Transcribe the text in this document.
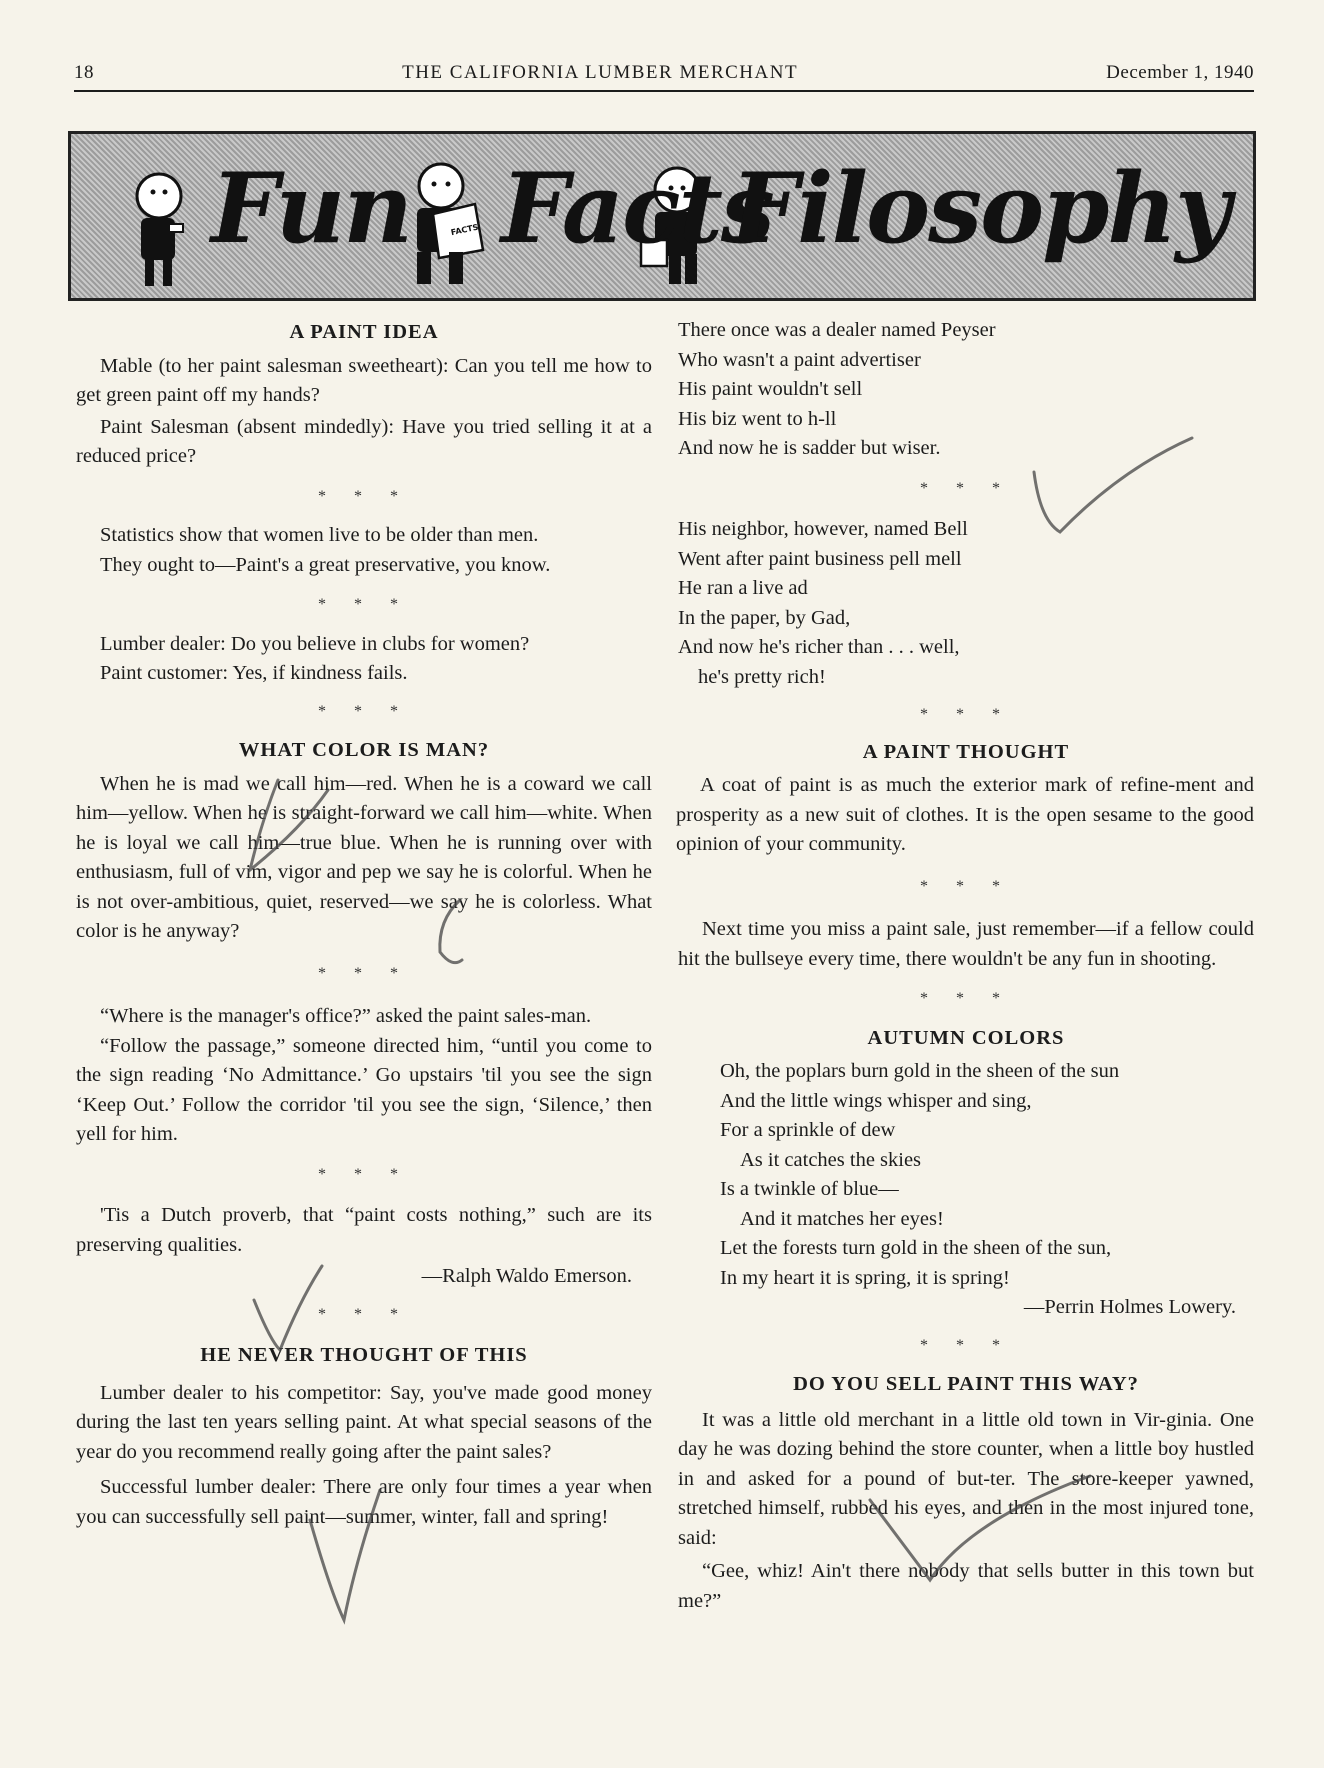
18	THE CALIFORNIA LUMBER MERCHANT	December 1, 1940
FACTS
Fun Facts
Filosophy
A PAINT IDEA

Mable (to her paint salesman sweetheart): Can you tell me how to get green paint off my hands?

Paint Salesman (absent mindedly): Have you tried selling it at a reduced price?

* * *

Statistics show that women live to be older than men.

They ought to—Paint's a great preservative, you know.

* * *

Lumber dealer: Do you believe in clubs for women?

Paint customer: Yes, if kindness fails.

* * *
WHAT COLOR IS MAN?

When he is mad we call him—red. When he is a coward we call him—yellow. When he is straight-forward we call him—white. When he is loyal we call him—true blue. When he is running over with enthusiasm, full of vim, vigor and pep we say he is colorful. When he is not over-ambitious, quiet, reserved—we say he is colorless. What color is he anyway?

* * *

“Where is the manager's office?” asked the paint sales-man.

“Follow the passage,” someone directed him, “until you come to the sign reading ‘No Admittance.’ Go upstairs 'til you see the sign ‘Keep Out.’ Follow the corridor 'til you see the sign, ‘Silence,’ then yell for him.

* * *

'Tis a Dutch proverb, that “paint costs nothing,” such are its preserving qualities.

—Ralph Waldo Emerson.

* * *
HE NEVER THOUGHT OF THIS

Lumber dealer to his competitor: Say, you've made good money during the last ten years selling paint. At what special seasons of the year do you recommend really going after the paint sales?

Successful lumber dealer: There are only four times a year when you can successfully sell paint—summer, winter, fall and spring!

There once was a dealer named Peyser
Who wasn't a paint advertiser
His paint wouldn't sell
His biz went to h-ll
And now he is sadder but wiser.
* * *
His neighbor, however, named Bell
Went after paint business pell mell
He ran a live ad
In the paper, by Gad,
And now he's richer than . . . well,
he's pretty rich!
* * *
A PAINT THOUGHT

A coat of paint is as much the exterior mark of refine-ment and prosperity as a new suit of clothes. It is the open sesame to the good opinion of your community.

* * *

Next time you miss a paint sale, just remember—if a fellow could hit the bullseye every time, there wouldn't be any fun in shooting.

* * *
AUTUMN COLORS
Oh, the poplars burn gold in the sheen of the sun
And the little wings whisper and sing,
For a sprinkle of dew
As it catches the skies
Is a twinkle of blue—
And it matches her eyes!
Let the forests turn gold in the sheen of the sun,
In my heart it is spring, it is spring!

—Perrin Holmes Lowery.

* * *
DO YOU SELL PAINT THIS WAY?

It was a little old merchant in a little old town in Vir-ginia. One day he was dozing behind the store counter, when a little boy hustled in and asked for a pound of but-ter. The store-keeper yawned, stretched himself, rubbed his eyes, and then in the most injured tone, said:

“Gee, whiz! Ain't there nobody that sells butter in this town but me?”
